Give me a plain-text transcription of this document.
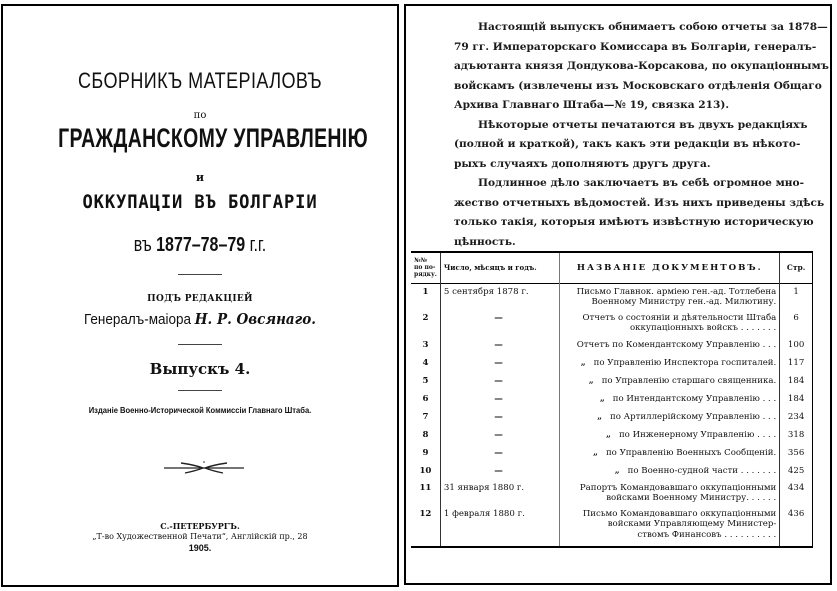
СБОРНИКЪ МАТЕРІАЛОВЪ
по
ГРАЖДАНСКОМУ УПРАВЛЕНІЮ
и
ОККУПАЦІИ ВЪ БОЛГАРІИ
въ 1877–78–79 г.г.
ПОДЪ РЕДАКЦІЕЙ
Генералъ-маіора Н. Р. Овсянаго.
Выпускъ 4.
Изданіе Военно-Исторической Коммиссіи Главнаго Штаба.
С.-ПЕТЕРБУРГЪ.
„Т-во Художественной Печати“, Англійскій пр., 28
1905.

Настоящій выпускъ обнимаетъ собою отчеты за 1878—
79 гг. Императорскаго Комиссара въ Болгаріи, генералъ-
адъютанта князя Дондукова-Корсакова, по окупаціоннымъ
войскамъ (извлечены изъ Московскаго отдѣленія Общаго
Архива Главнаго Штаба—№ 19, связка 213).

Нѣкоторые отчеты печатаются въ двухъ редакціяхъ
(полной и краткой), такъ какъ эти редакціи въ нѣкото-
рыхъ случаяхъ дополняютъ другъ друга.

Подлинное дѣло заключаетъ въ себѣ огромное мно-
жество отчетныхъ вѣдомостей. Изъ нихъ приведены здѣсь
только такія, которыя имѣютъ извѣстную историческую
цѣнность.

№№ по по- рядку.	Число, мѣсяцъ и годъ.	НАЗВАНІЕ ДОКУМЕНТОВЪ.	Стр.
1	5 сентября 1878 г.	Письмо Главнок. арміею ген.-ад. Тотлебена
Военному Министру ген.-ад. Милютину.	1
2	—	Отчетъ о состояніи и дѣятельности Штаба
оккупаціонныхъ войскъ . . . . . . .	6
3	—	Отчетъ по Комендантскому Управленію . . .	100
4	—	„ по Управленію Инспектора госпиталей.	117
5	—	„ по Управленію старшаго священника.	184
6	—	„ по Интендантскому Управленію . . .	184
7	—	„ по Артиллерійскому Управленію . . .	234
8	—	„ по Инженерному Управленію . . . .	318
9	—	„ по Управленію Военныхъ Сообщеній.	356
10	—	„ по Военно-судной части . . . . . . .	425
11	31 января 1880 г.	Рапортъ Командовавшаго оккупаціонными
войсками Военному Министру. . . . . .	434
12	1 февраля 1880 г.	Письмо Командовавшаго оккупаціонными
войсками Управляющему Министер-
ствомъ Финансовъ . . . . . . . . . .	436
